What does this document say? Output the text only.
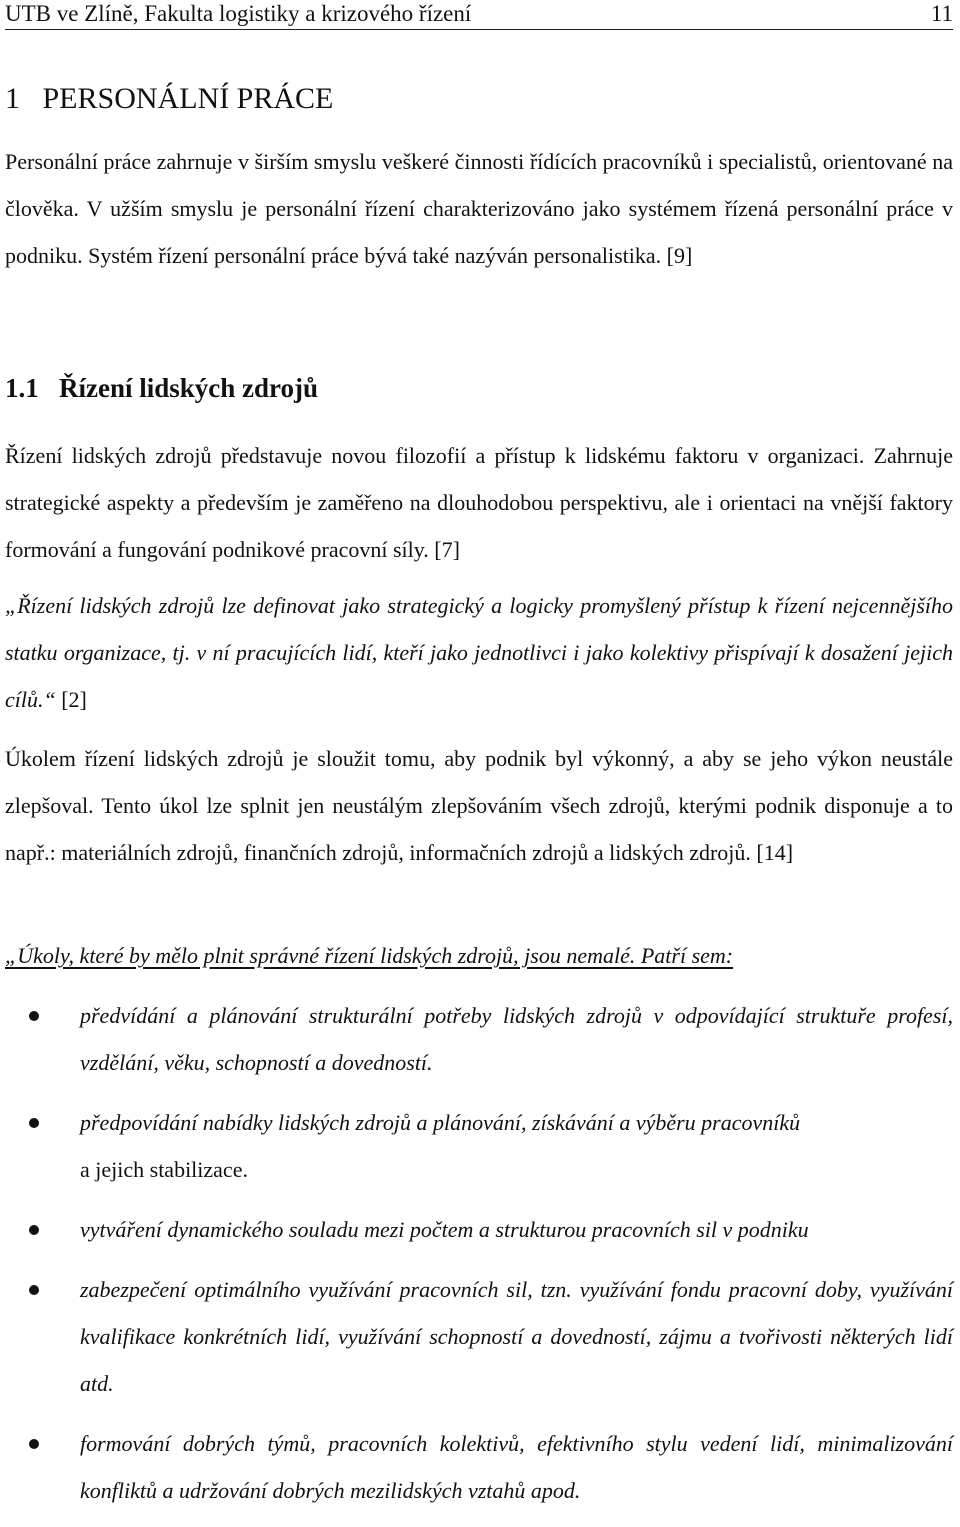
UTB ve Zlíně, Fakulta logistiky a krizového řízení	11
1   PERSONÁLNÍ PRÁCE

Personální práce zahrnuje v širším smyslu veškeré činnosti řídících pracovníků i specialistů, orientované na člověka. V užším smyslu je personální řízení charakterizováno jako systémem řízená personální práce v podniku. Systém řízení personální práce bývá také nazýván personalistika. [9]

1.1   Řízení lidských zdrojů

Řízení lidských zdrojů představuje novou filozofií a přístup k lidskému faktoru v organizaci. Zahrnuje strategické aspekty a především je zaměřeno na dlouhodobou perspektivu, ale i orientaci na vnější faktory formování a fungování podnikové pracovní síly. [7]

„Řízení lidských zdrojů lze definovat jako strategický a logicky promyšlený přístup k řízení nejcennějšího statku organizace, tj. v ní pracujících lidí, kteří jako jednotlivci i jako kolektivy přispívají k dosažení jejich cílů.“ [2]

Úkolem řízení lidských zdrojů je sloužit tomu, aby podnik byl výkonný, a aby se jeho výkon neustále zlepšoval. Tento úkol lze splnit jen neustálým zlepšováním všech zdrojů, kterými podnik disponuje a to např.: materiálních zdrojů, finančních zdrojů, informačních zdrojů a lidských zdrojů. [14]

„Úkoly, které by mělo plnit správné řízení lidských zdrojů, jsou nemalé. Patří sem:

předvídání a plánování strukturální potřeby lidských zdrojů v odpovídající struktuře profesí, vzdělání, věku, schopností a dovedností.
předpovídání nabídky lidských zdrojů a plánování, získávání a výběru pracovníků
a jejich stabilizace.
vytváření dynamického souladu mezi počtem a strukturou pracovních sil v podniku
zabezpečení optimálního využívání pracovních sil, tzn. využívání fondu pracovní doby, využívání kvalifikace konkrétních lidí, využívání schopností a dovedností, zájmu a tvořivosti některých lidí atd.
formování dobrých týmů, pracovních kolektivů, efektivního stylu vedení lidí, minimalizování konfliktů a udržování dobrých mezilidských vztahů apod.
